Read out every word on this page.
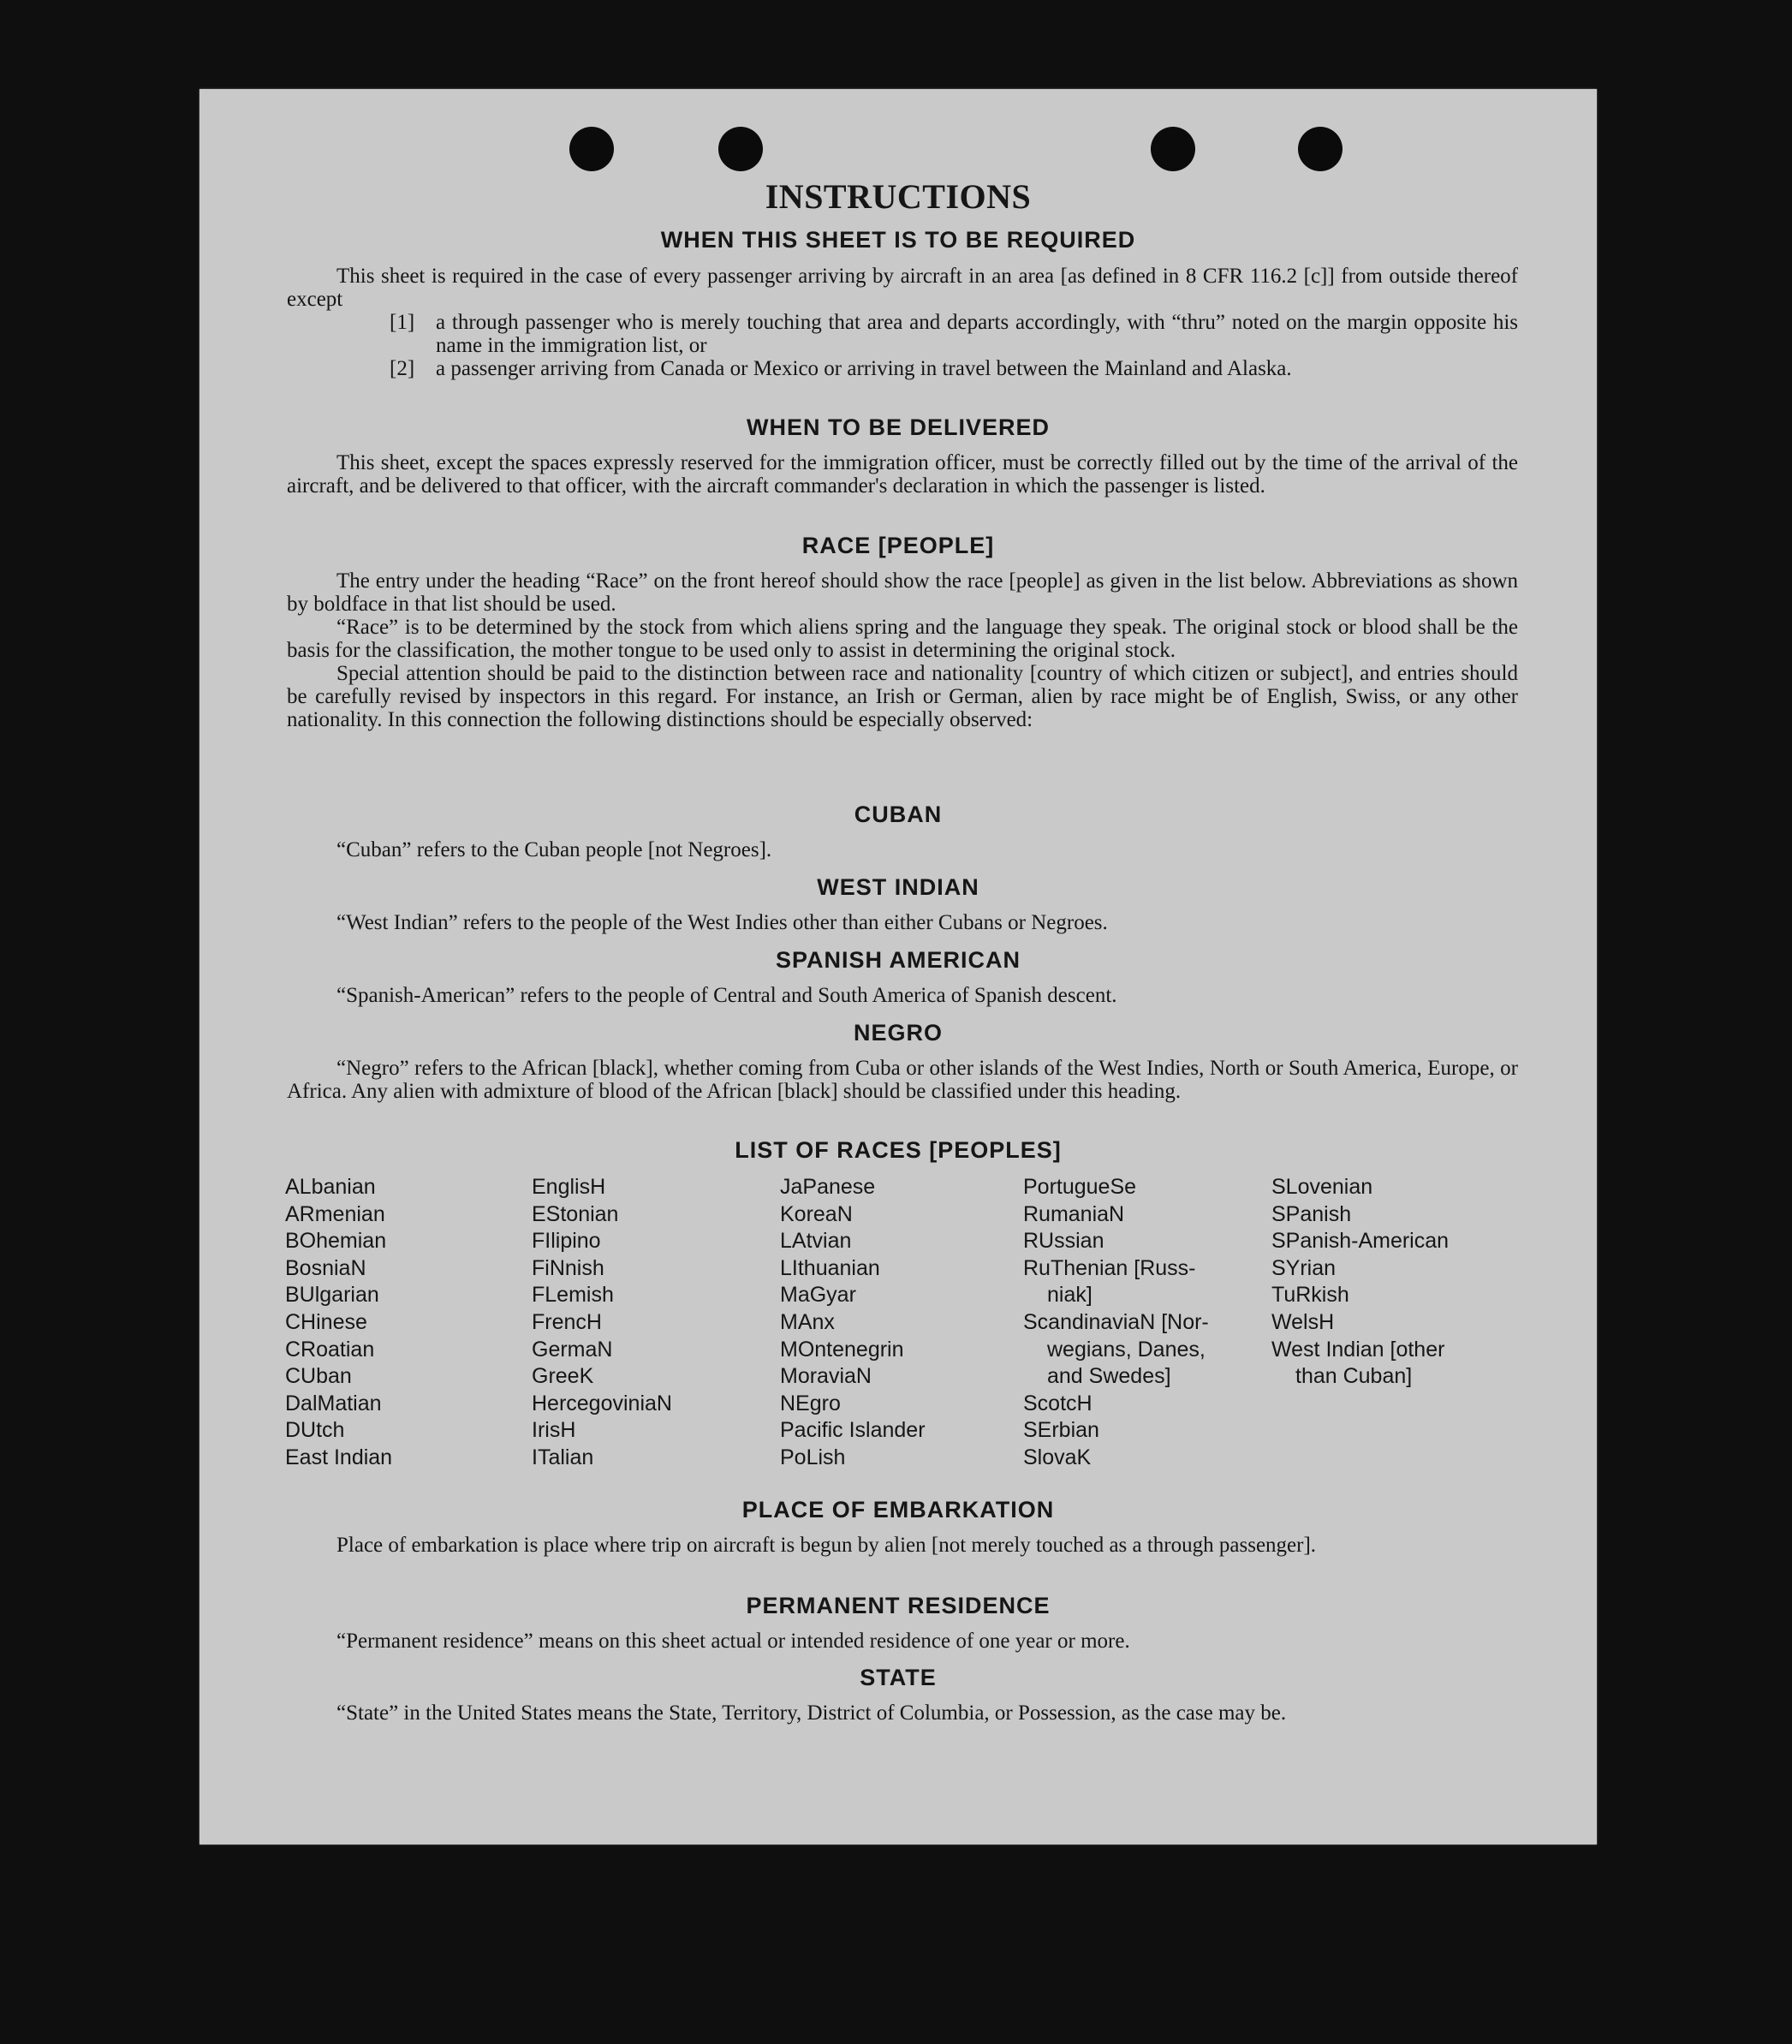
INSTRUCTIONS
WHEN THIS SHEET IS TO BE REQUIRED

This sheet is required in the case of every passenger arriving by aircraft in an area [as defined in 8 CFR 116.2 [c]] from outside thereof except

[1] a through passenger who is merely touching that area and departs accordingly, with “thru” noted on the margin opposite his name in the immigration list, or
[2] a passenger arriving from Canada or Mexico or arriving in travel between the Mainland and Alaska.
WHEN TO BE DELIVERED

This sheet, except the spaces expressly reserved for the immigration officer, must be correctly filled out by the time of the arrival of the aircraft, and be delivered to that officer, with the aircraft commander's declaration in which the passenger is listed.

RACE [PEOPLE]

The entry under the heading “Race” on the front hereof should show the race [people] as given in the list below. Abbreviations as shown by boldface in that list should be used.

“Race” is to be determined by the stock from which aliens spring and the language they speak. The original stock or blood shall be the basis for the classification, the mother tongue to be used only to assist in determining the original stock.

Special attention should be paid to the distinction between race and nationality [country of which citizen or subject], and entries should be carefully revised by inspectors in this regard. For instance, an Irish or German, alien by race might be of English, Swiss, or any other nationality. In this connection the following distinctions should be especially observed:

CUBAN

“Cuban” refers to the Cuban people [not Negroes].

WEST INDIAN

“West Indian” refers to the people of the West Indies other than either Cubans or Negroes.

SPANISH AMERICAN

“Spanish-American” refers to the people of Central and South America of Spanish descent.

NEGRO

“Negro” refers to the African [black], whether coming from Cuba or other islands of the West Indies, North or South America, Europe, or Africa. Any alien with admixture of blood of the African [black] should be classified under this heading.

LIST OF RACES [PEOPLES]
ALbanian
ARmenian
BOhemian
BosniaN
BUlgarian
CHinese
CRoatian
CUban
DalMatian
DUtch
East Indian
EnglisH
EStonian
FIlipino
FiNnish
FLemish
FrencH
GermaN
GreeK
HercegoviniaN
IrisH
ITalian
JaPanese
KoreaN
LAtvian
LIthuanian
MaGyar
MAnx
MOntenegrin
MoraviaN
NEgro
Pacific Islander
PoLish
PortugueSe
RumaniaN
RUssian
RuThenian [Russ-
niak]
ScandinaviaN [Nor-
wegians, Danes,
and Swedes]
ScotcH
SErbian
SlovaK
SLovenian
SPanish
SPanish-American
SYrian
TuRkish
WelsH
West Indian [other
than Cuban]
PLACE OF EMBARKATION

Place of embarkation is place where trip on aircraft is begun by alien [not merely touched as a through passenger].

PERMANENT RESIDENCE

“Permanent residence” means on this sheet actual or intended residence of one year or more.

STATE

“State” in the United States means the State, Territory, District of Columbia, or Possession, as the case may be.
